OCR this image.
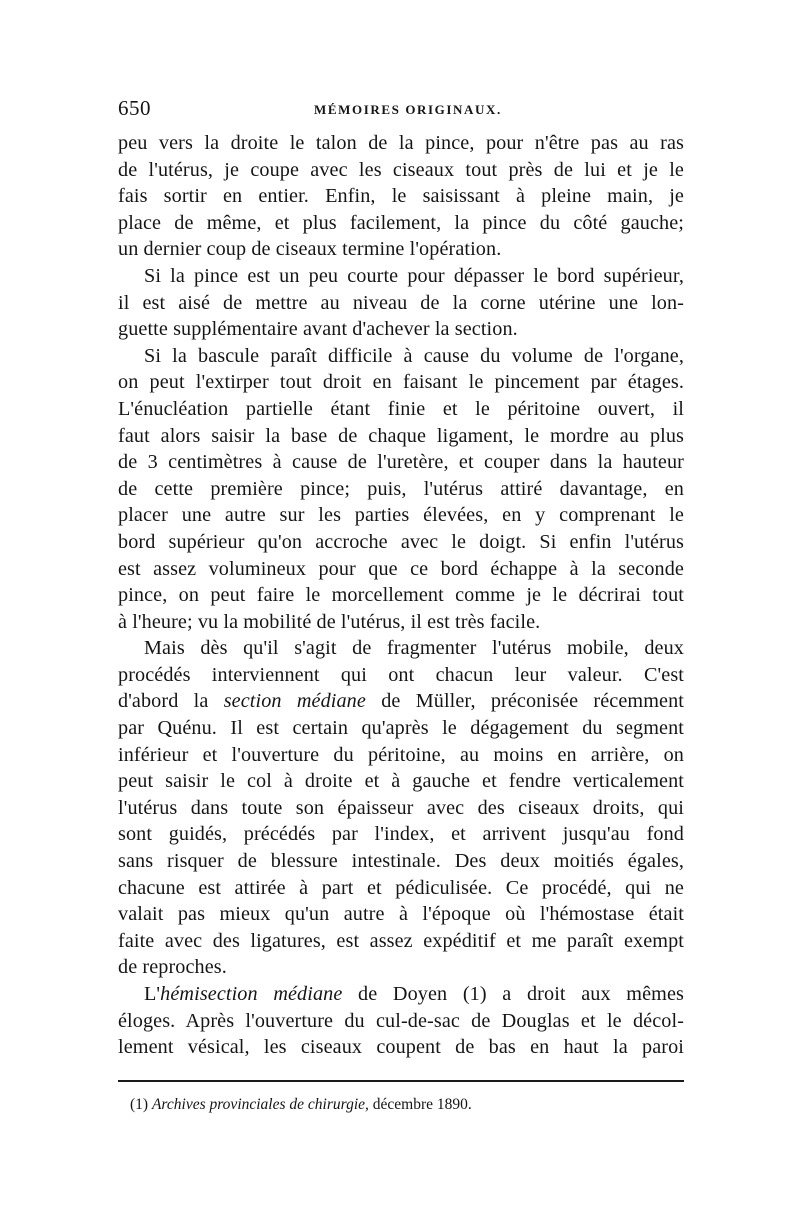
650	MÉMOIRES ORIGINAUX.
peu vers la droite le talon de la pince, pour n'être pas au ras
de l'utérus, je coupe avec les ciseaux tout près de lui et je le
fais sortir en entier. Enfin, le saisissant à pleine main, je
place de même, et plus facilement, la pince du côté gauche;
un dernier coup de ciseaux termine l'opération.
Si la pince est un peu courte pour dépasser le bord supérieur,
il est aisé de mettre au niveau de la corne utérine une lon-
guette supplémentaire avant d'achever la section.
Si la bascule paraît difficile à cause du volume de l'organe,
on peut l'extirper tout droit en faisant le pincement par étages.
L'énucléation partielle étant finie et le péritoine ouvert, il
faut alors saisir la base de chaque ligament, le mordre au plus
de 3 centimètres à cause de l'uretère, et couper dans la hauteur
de cette première pince; puis, l'utérus attiré davantage, en
placer une autre sur les parties élevées, en y comprenant le
bord supérieur qu'on accroche avec le doigt. Si enfin l'utérus
est assez volumineux pour que ce bord échappe à la seconde
pince, on peut faire le morcellement comme je le décrirai tout
à l'heure; vu la mobilité de l'utérus, il est très facile.
Mais dès qu'il s'agit de fragmenter l'utérus mobile, deux
procédés interviennent qui ont chacun leur valeur. C'est
d'abord la section médiane de Müller, préconisée récemment
par Quénu. Il est certain qu'après le dégagement du segment
inférieur et l'ouverture du péritoine, au moins en arrière, on
peut saisir le col à droite et à gauche et fendre verticalement
l'utérus dans toute son épaisseur avec des ciseaux droits, qui
sont guidés, précédés par l'index, et arrivent jusqu'au fond
sans risquer de blessure intestinale. Des deux moitiés égales,
chacune est attirée à part et pédiculisée. Ce procédé, qui ne
valait pas mieux qu'un autre à l'époque où l'hémostase était
faite avec des ligatures, est assez expéditif et me paraît exempt
de reproches.
L'hémisection médiane de Doyen (1) a droit aux mêmes
éloges. Après l'ouverture du cul-de-sac de Douglas et le décol-
lement vésical, les ciseaux coupent de bas en haut la paroi
(1) Archives provinciales de chirurgie, décembre 1890.
